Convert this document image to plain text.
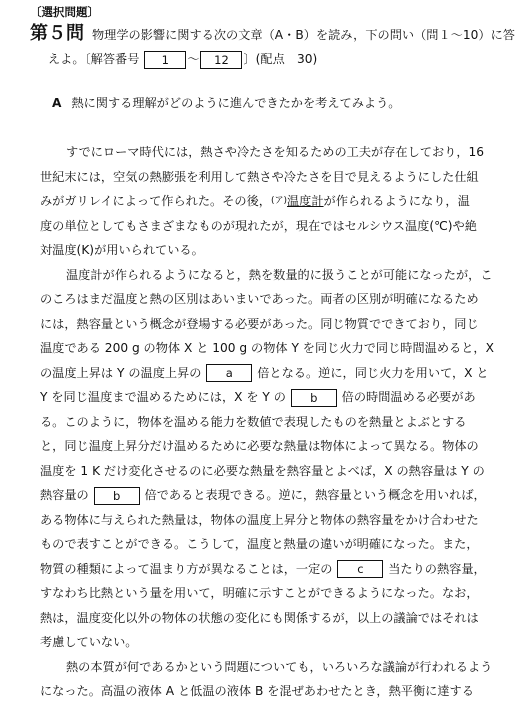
〔選択問題〕
第５問 物理学の影響に関する次の文章（A・B）を読み，下の問い（問１～10）に答
えよ。〔解答番号 1 ～ 12 〕(配点　30)
A 熱に関する理解がどのように進んできたかを考えてみよう。
すでにローマ時代には，熱さや冷たさを知るための工夫が存在しており，16
世紀末には，空気の熱膨張を利用して熱さや冷たさを目で見えるようにした仕組
みがガリレイによって作られた。その後，$^{(ア)}$温度計が作られるようになり，温
度の単位としてもさまざまなものが現れたが，現在ではセルシウス温度(℃)や絶
対温度(K)が用いられている。
温度計が作られるようになると，熱を数量的に扱うことが可能になったが，こ
のころはまだ温度と熱の区別はあいまいであった。両者の区別が明確になるため
には，熱容量という概念が登場する必要があった。同じ物質でできており，同じ
温度である 200 g の物体 X と 100 g の物体 Y を同じ火力で同じ時間温めると，X
の温度上昇は Y の温度上昇の a 倍となる。逆に，同じ火力を用いて，X と
Y を同じ温度まで温めるためには，X を Y の b 倍の時間温める必要があ
る。このように，物体を温める能力を数値で表現したものを熱量とよぶとする
と，同じ温度上昇分だけ温めるために必要な熱量は物体によって異なる。物体の
温度を 1 K だけ変化させるのに必要な熱量を熱容量とよべば，X の熱容量は Y の
熱容量の b 倍であると表現できる。逆に，熱容量という概念を用いれば，
ある物体に与えられた熱量は，物体の温度上昇分と物体の熱容量をかけ合わせた
もので表すことができる。こうして，温度と熱量の違いが明確になった。また，
物質の種類によって温まり方が異なることは，一定の c 当たりの熱容量，
すなわち比熱という量を用いて，明確に示すことができるようになった。なお，
熱は，温度変化以外の物体の状態の変化にも関係するが，以上の議論ではそれは
考慮していない。
熱の本質が何であるかという問題についても，いろいろな議論が行われるよう
になった。高温の液体 A と低温の液体 B を混ぜあわせたとき，熱平衡に達する
